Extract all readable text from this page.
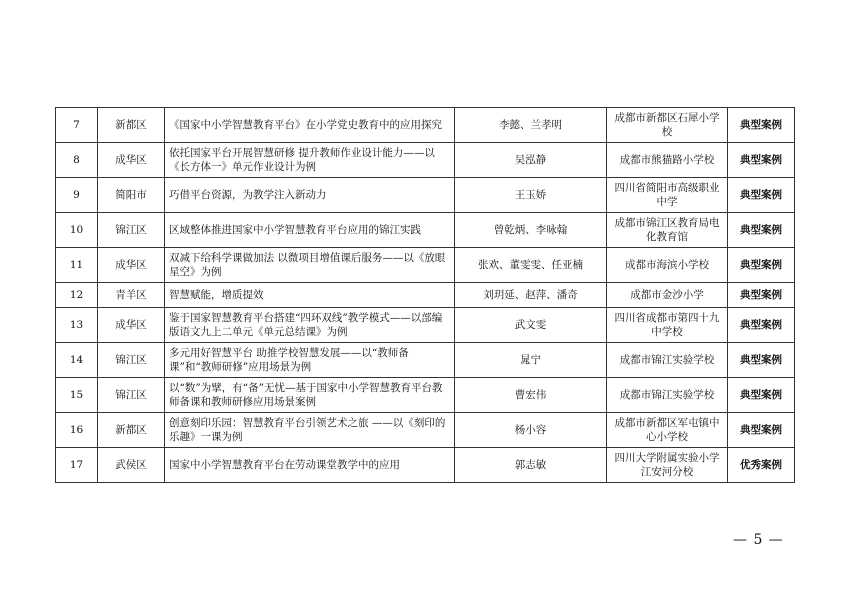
7	新都区	《国家中小学智慧教育平台》在小学党史教育中的应用探究	李懿、兰孝明	成都市新都区石犀小学校	典型案例
8	成华区	依托国家平台开展智慧研修 提升教师作业设计能力——以《长方体一》单元作业设计为例	吴泓静	成都市熊猫路小学校	典型案例
9	简阳市	巧借平台资源，为教学注入新动力	王玉娇	四川省简阳市高级职业中学	典型案例
10	锦江区	区域整体推进国家中小学智慧教育平台应用的锦江实践	曾乾炳、李咏翰	成都市锦江区教育局电化教育馆	典型案例
11	成华区	双减下给科学课做加法 以微项目增值课后服务——以《放眼星空》为例	张欢、董雯雯、任亚楠	成都市海滨小学校	典型案例
12	青羊区	智慧赋能，增质提效	刘玥延、赵萍、潘奇	成都市金沙小学	典型案例
13	成华区	鉴于国家智慧教育平台搭建“四环双线”教学模式——以部编版语文九上二单元《单元总结课》为例	武文雯	四川省成都市第四十九中学校	典型案例
14	锦江区	多元用好智慧平台 助推学校智慧发展——以“教师备课”和“教师研修”应用场景为例	晁宁	成都市锦江实验学校	典型案例
15	锦江区	以“数”为擘，有“备”无忧—基于国家中小学智慧教育平台教师备课和教师研修应用场景案例	曹宏伟	成都市锦江实验学校	典型案例
16	新都区	创意刻印乐园：智慧教育平台引领艺术之旅 ——以《刻印的乐趣》一课为例	杨小容	成都市新都区军屯镇中心小学校	典型案例
17	武侯区	国家中小学智慧教育平台在劳动课堂教学中的应用	郭志敏	四川大学附属实验小学江安河分校	优秀案例
— 5 —
